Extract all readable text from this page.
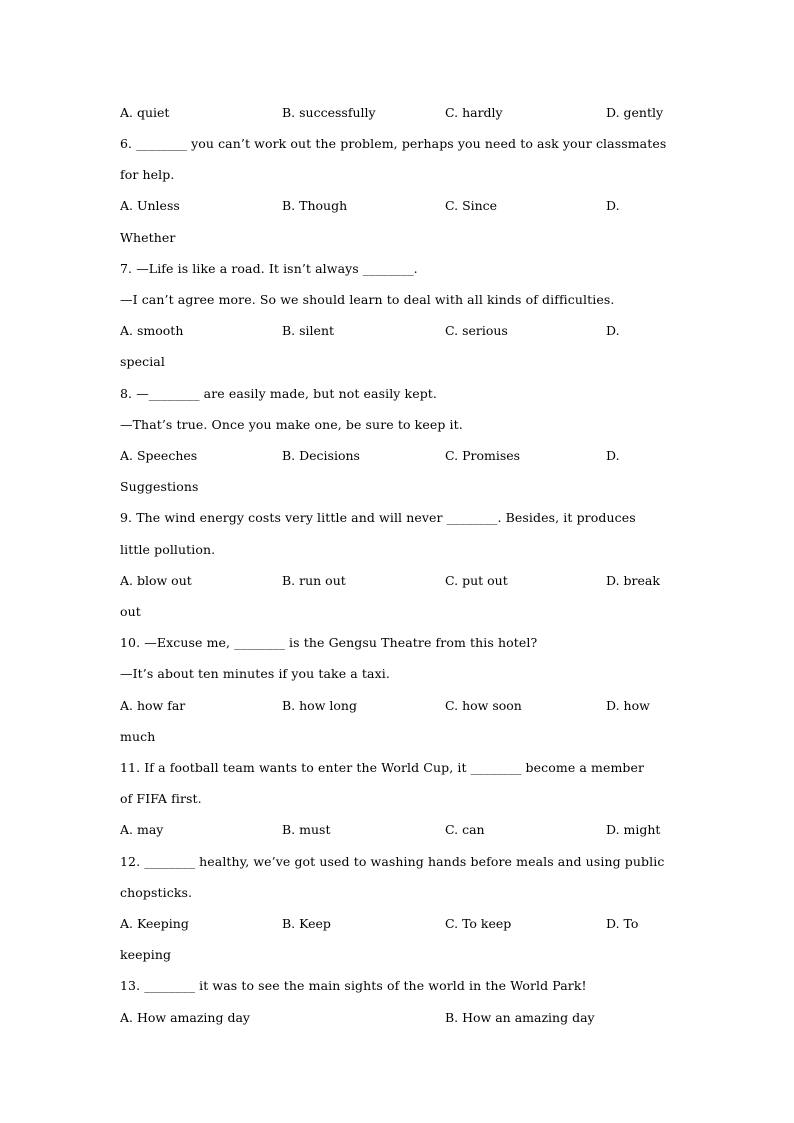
A. quiet	B. successfully	C. hardly	D. gently
6. ________ you can’t work out the problem, perhaps you need to ask your classmates
for help.
A. Unless	B. Though	C. Since	D.
Whether
7. —Life is like a road. It isn’t always ________.
—I can’t agree more. So we should learn to deal with all kinds of difficulties.
A. smooth	B. silent	C. serious	D.
special
8. —________ are easily made, but not easily kept.
—That’s true. Once you make one, be sure to keep it.
A. Speeches	B. Decisions	C. Promises	D.
Suggestions
9. The wind energy costs very little and will never ________. Besides, it produces
little pollution.
A. blow out	B. run out	C. put out	D. break
out
10. —Excuse me, ________ is the Gengsu Theatre from this hotel?
—It’s about ten minutes if you take a taxi.
A. how far	B. how long	C. how soon	D. how
much
11. If a football team wants to enter the World Cup, it ________ become a member
of FIFA first.
A. may	B. must	C. can	D. might
12. ________ healthy, we’ve got used to washing hands before meals and using public
chopsticks.
A. Keeping	B. Keep	C. To keep	D. To
keeping
13. ________ it was to see the main sights of the world in the World Park!
A. How amazing day	B. How an amazing day
